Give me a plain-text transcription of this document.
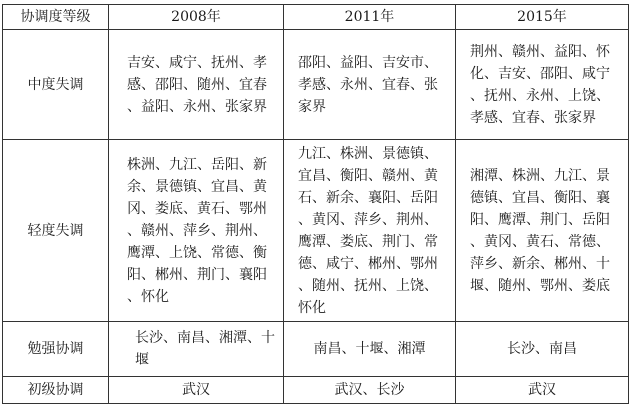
协调度等级	2008年	2011年	2015年
中度失调	吉安、咸宁、抚州、孝感、邵阳、随州、宜春、益阳、永州、张家界	邵阳、益阳、吉安市、孝感、永州、宜春、张家界	荆州、赣州、益阳、怀化、吉安、邵阳、咸宁、抚州、永州、上饶、孝感、宜春、张家界

轻度失调	株洲、九江、岳阳、新余、景德镇、宜昌、黄冈、娄底、黄石、鄂州、赣州、萍乡、荆州、鹰潭、上饶、常德、衡阳、郴州、荆门、襄阳、怀化	九江、株洲、景德镇、宜昌、衡阳、赣州、黄石、新余、襄阳、岳阳、黄冈、萍乡、荆州、鹰潭、娄底、荆门、常德、咸宁、郴州、鄂州、随州、抚州、上饶、怀化	湘潭、株洲、九江、景德镇、宜昌、衡阳、襄阳、鹰潭、荆门、岳阳、黄冈、黄石、常德、萍乡、新余、郴州、十堰、随州、鄂州、娄底

勉强协调	长沙、南昌、湘潭、十堰	南昌、十堰、湘潭	长沙、南昌
初级协调	武汉	武汉、长沙	武汉
